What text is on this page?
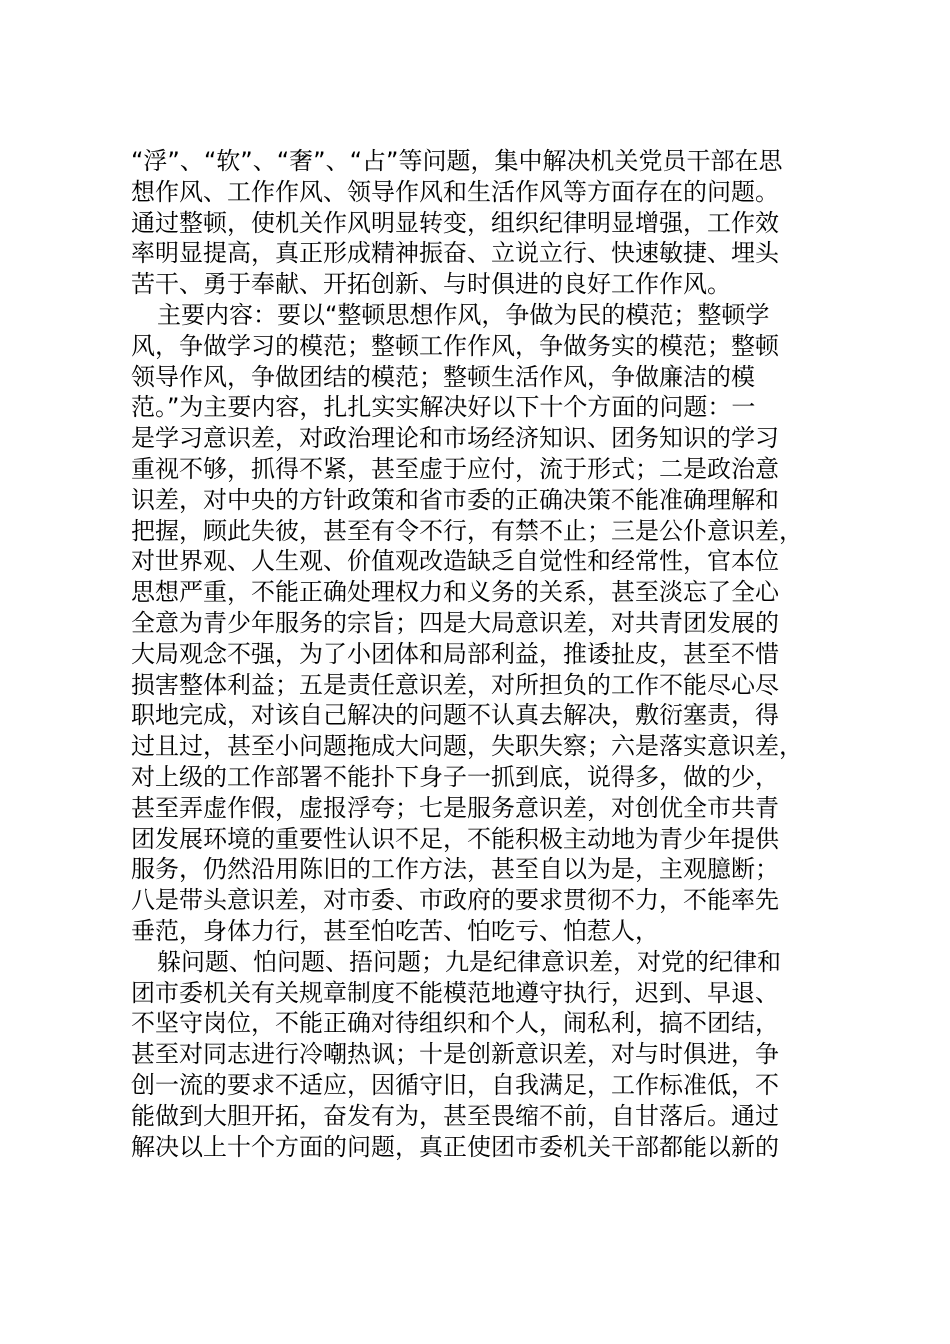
“浮”、“软”、“奢”、“占”等问题，集中解决机关党员干部在思
想作风、工作作风、领导作风和生活作风等方面存在的问题。
通过整顿，使机关作风明显转变，组织纪律明显增强，工作效
率明显提高，真正形成精神振奋、立说立行、快速敏捷、埋头
苦干、勇于奉献、开拓创新、与时俱进的良好工作作风。
主要内容：要以“整顿思想作风，争做为民的模范；整顿学
风，争做学习的模范；整顿工作作风，争做务实的模范；整顿
领导作风，争做团结的模范；整顿生活作风，争做廉洁的模
范。”为主要内容，扎扎实实解决好以下十个方面的问题：一
是学习意识差，对政治理论和市场经济知识、团务知识的学习
重视不够，抓得不紧，甚至虚于应付，流于形式；二是政治意
识差，对中央的方针政策和省市委的正确决策不能准确理解和
把握，顾此失彼，甚至有令不行，有禁不止；三是公仆意识差，
对世界观、人生观、价值观改造缺乏自觉性和经常性，官本位
思想严重，不能正确处理权力和义务的关系，甚至淡忘了全心
全意为青少年服务的宗旨；四是大局意识差，对共青团发展的
大局观念不强，为了小团体和局部利益，推诿扯皮，甚至不惜
损害整体利益；五是责任意识差，对所担负的工作不能尽心尽
职地完成，对该自己解决的问题不认真去解决，敷衍塞责，得
过且过，甚至小问题拖成大问题，失职失察；六是落实意识差，
对上级的工作部署不能扑下身子一抓到底，说得多，做的少，
甚至弄虚作假，虚报浮夸；七是服务意识差，对创优全市共青
团发展环境的重要性认识不足，不能积极主动地为青少年提供
服务，仍然沿用陈旧的工作方法，甚至自以为是，主观臆断；
八是带头意识差，对市委、市政府的要求贯彻不力，不能率先
垂范，身体力行，甚至怕吃苦、怕吃亏、怕惹人，
躲问题、怕问题、捂问题；九是纪律意识差，对党的纪律和
团市委机关有关规章制度不能模范地遵守执行，迟到、早退、
不坚守岗位，不能正确对待组织和个人，闹私利，搞不团结，
甚至对同志进行冷嘲热讽；十是创新意识差，对与时俱进，争
创一流的要求不适应，因循守旧，自我满足，工作标准低，不
能做到大胆开拓，奋发有为，甚至畏缩不前，自甘落后。通过
解决以上十个方面的问题，真正使团市委机关干部都能以新的
